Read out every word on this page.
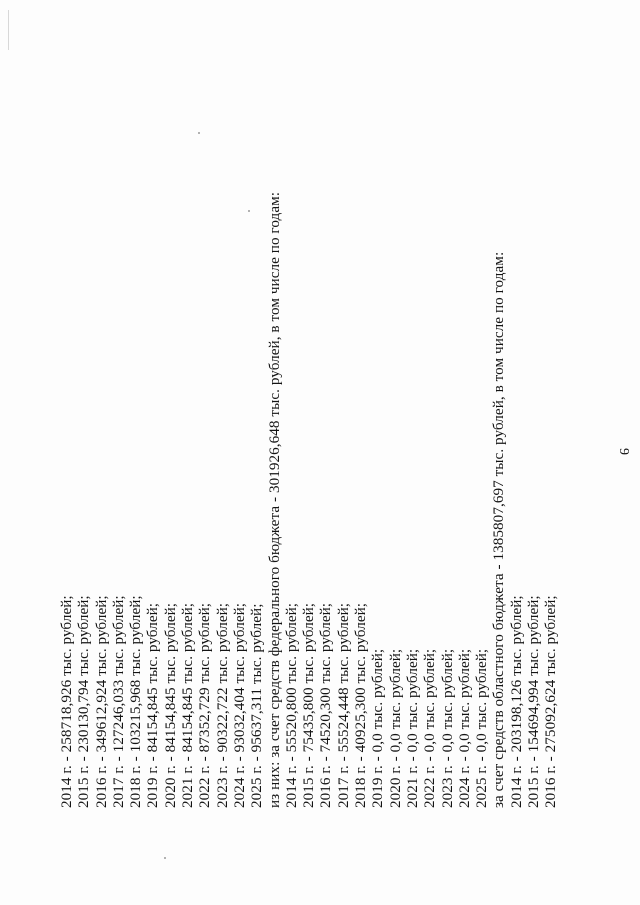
9
2014 г. - 258718,926 тыс. рублей; 2015 г. - 230130,794 тыс. рублей; 2016 г. - 349612,924 тыс. рублей; 2017 г. - 127246,033 тыс. рублей; 2018 г. - 103215,968 тыс. рублей; 2019 г. - 84154,845 тыс. рублей; 2020 г. - 84154,845 тыс. рублей; 2021 г. - 84154,845 тыс. рублей; 2022 г. - 87352,729 тыс. рублей; 2023 г. - 90322,722 тыс. рублей; 2024 г. - 93032,404 тыс. рублей; 2025 г. - 95637,311 тыс. рублей; из них: за счет средств федерального бюджета - 301926,648 тыс. рублей, в том числе по годам: 2014 г. - 55520,800 тыс. рублей; 2015 г. - 75435,800 тыс. рублей; 2016 г. - 74520,300 тыс. рублей; 2017 г. - 55524,448 тыс. рублей; 2018 г. - 40925,300 тыс. рублей; 2019 г. - 0,0 тыс. рублей; 2020 г. - 0,0 тыс. рублей; 2021 г. - 0,0 тыс. рублей; 2022 г. - 0,0 тыс. рублей; 2023 г. - 0,0 тыс. рублей; 2024 г. - 0,0 тыс. рублей; 2025 г. - 0,0 тыс. рублей; за счет средств областного бюджета - 1385807,697 тыс. рублей, в том числе по годам: 2014 г. - 203198,126 тыс. рублей; 2015 г. - 154694,994 тыс. рублей; 2016 г. - 275092,624 тыс. рублей;
